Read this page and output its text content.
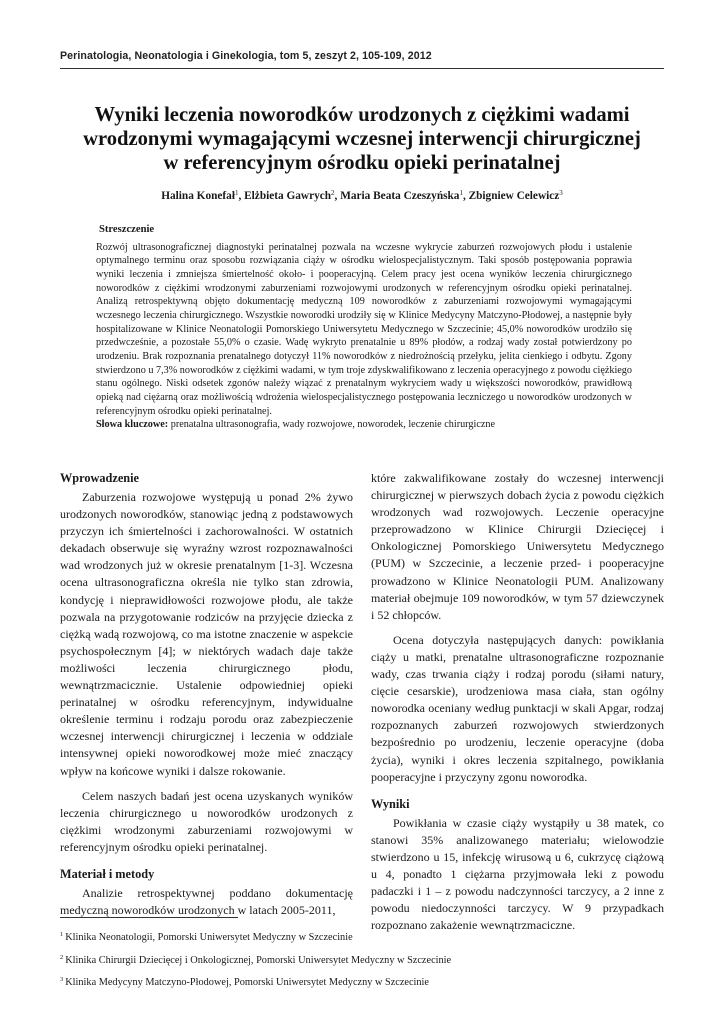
Perinatologia, Neonatologia i Ginekologia, tom 5, zeszyt 2, 105-109, 2012
Wyniki leczenia noworodków urodzonych z ciężkimi wadami
wrodzonymi wymagającymi wczesnej interwencji chirurgicznej
w referencyjnym ośrodku opieki perinatalnej
Halina Konefał$^1$, Elżbieta Gawrych$^2$, Maria Beata Czeszyńska$^1$, Zbigniew Celewicz$^3$
Streszczenie

Rozwój ultrasonograficznej diagnostyki perinatalnej pozwala na wczesne wykrycie zaburzeń rozwojowych płodu i ustalenie optymalnego terminu oraz sposobu rozwiązania ciąży w ośrodku wielospecjalistycznym. Taki sposób postępowania poprawia wyniki leczenia i zmniejsza śmiertelność około- i pooperacyjną. Celem pracy jest ocena wyników leczenia chirurgicznego noworodków z ciężkimi wrodzonymi zaburzeniami rozwojowymi urodzonych w referencyjnym ośrodku opieki perinatalnej. Analizą retrospektywną objęto dokumentację medyczną 109 noworodków z zaburzeniami rozwojowymi wymagającymi wczesnego leczenia chirurgicznego. Wszystkie noworodki urodziły się w Klinice Medycyny Matczyno-Płodowej, a następnie były hospitalizowane w Klinice Neonatologii Pomorskiego Uniwersytetu Medycznego w Szczecinie; 45,0% noworodków urodziło się przedwcześnie, a pozostałe 55,0% o czasie. Wadę wykryto prenatalnie u 89% płodów, a rodzaj wady został potwierdzony po urodzeniu. Brak rozpoznania prenatalnego dotyczył 11% noworodków z niedrożnością przełyku, jelita cienkiego i odbytu. Zgony stwierdzono u 7,3% noworodków z ciężkimi wadami, w tym troje zdyskwalifikowano z leczenia operacyjnego z powodu ciężkiego stanu ogólnego. Niski odsetek zgonów należy wiązać z prenatalnym wykryciem wady u większości noworodków, prawidłową opieką nad ciężarną oraz możliwością wdrożenia wielospecjalistycznego postępowania leczniczego u noworodków urodzonych w referencyjnym ośrodku opieki perinatalnej.

Słowa kluczowe: prenatalna ultrasonografia, wady rozwojowe, noworodek, leczenie chirurgiczne

Wprowadzenie

Zaburzenia rozwojowe występują u ponad 2% żywo urodzonych noworodków, stanowiąc jedną z podstawowych przyczyn ich śmiertelności i zachorowalności. W ostatnich dekadach obserwuje się wyraźny wzrost rozpoznawalności wad wrodzonych już w okresie prenatalnym [1-3]. Wczesna ocena ultrasonograficzna określa nie tylko stan zdrowia, kondycję i nieprawidłowości rozwojowe płodu, ale także pozwala na przygotowanie rodziców na przyjęcie dziecka z ciężką wadą rozwojową, co ma istotne znaczenie w aspekcie psychospołecznym [4]; w niektórych wadach daje także możliwości leczenia chirurgicznego płodu, wewnątrzmacicznie. Ustalenie odpowiedniej opieki perinatalnej w ośrodku referencyjnym, indywidualne określenie terminu i rodzaju porodu oraz zabezpieczenie wczesnej interwencji chirurgicznej i leczenia w oddziale intensywnej opieki noworodkowej może mieć znaczący wpływ na końcowe wyniki i dalsze rokowanie.

Celem naszych badań jest ocena uzyskanych wyników leczenia chirurgicznego u noworodków urodzonych z ciężkimi wrodzonymi zaburzeniami rozwojowymi w referencyjnym ośrodku opieki perinatalnej.

Materiał i metody

Analizie retrospektywnej poddano dokumentację medyczną noworodków urodzonych w latach 2005-2011,

które zakwalifikowane zostały do wczesnej interwencji chirurgicznej w pierwszych dobach życia z powodu ciężkich wrodzonych wad rozwojowych. Leczenie operacyjne przeprowadzono w Klinice Chirurgii Dziecięcej i Onkologicznej Pomorskiego Uniwersytetu Medycznego (PUM) w Szczecinie, a leczenie przed- i pooperacyjne prowadzono w Klinice Neonatologii PUM. Analizowany materiał obejmuje 109 noworodków, w tym 57 dziewczynek i 52 chłopców.

Ocena dotyczyła następujących danych: powikłania ciąży u matki, prenatalne ultrasonograficzne rozpoznanie wady, czas trwania ciąży i rodzaj porodu (siłami natury, cięcie cesarskie), urodzeniowa masa ciała, stan ogólny noworodka oceniany według punktacji w skali Apgar, rodzaj rozpoznanych zaburzeń rozwojowych stwierdzonych bezpośrednio po urodzeniu, leczenie operacyjne (doba życia), wyniki i okres leczenia szpitalnego, powikłania pooperacyjne i przyczyny zgonu noworodka.

Wyniki

Powikłania w czasie ciąży wystąpiły u 38 matek, co stanowi 35% analizowanego materiału; wielowodzie stwierdzono u 15, infekcję wirusową u 6, cukrzycę ciążową u 4, ponadto 1 ciężarna przyjmowała leki z powodu padaczki i 1 – z powodu nadczynności tarczycy, a 2 inne z powodu niedoczynności tarczycy. W 9 przypadkach rozpoznano zakażenie wewnątrzmaciczne.

$^1$ Klinika Neonatologii, Pomorski Uniwersytet Medyczny w Szczecinie
$^2$ Klinika Chirurgii Dziecięcej i Onkologicznej, Pomorski Uniwersytet Medyczny w Szczecinie
$^3$ Klinika Medycyny Matczyno-Płodowej, Pomorski Uniwersytet Medyczny w Szczecinie
